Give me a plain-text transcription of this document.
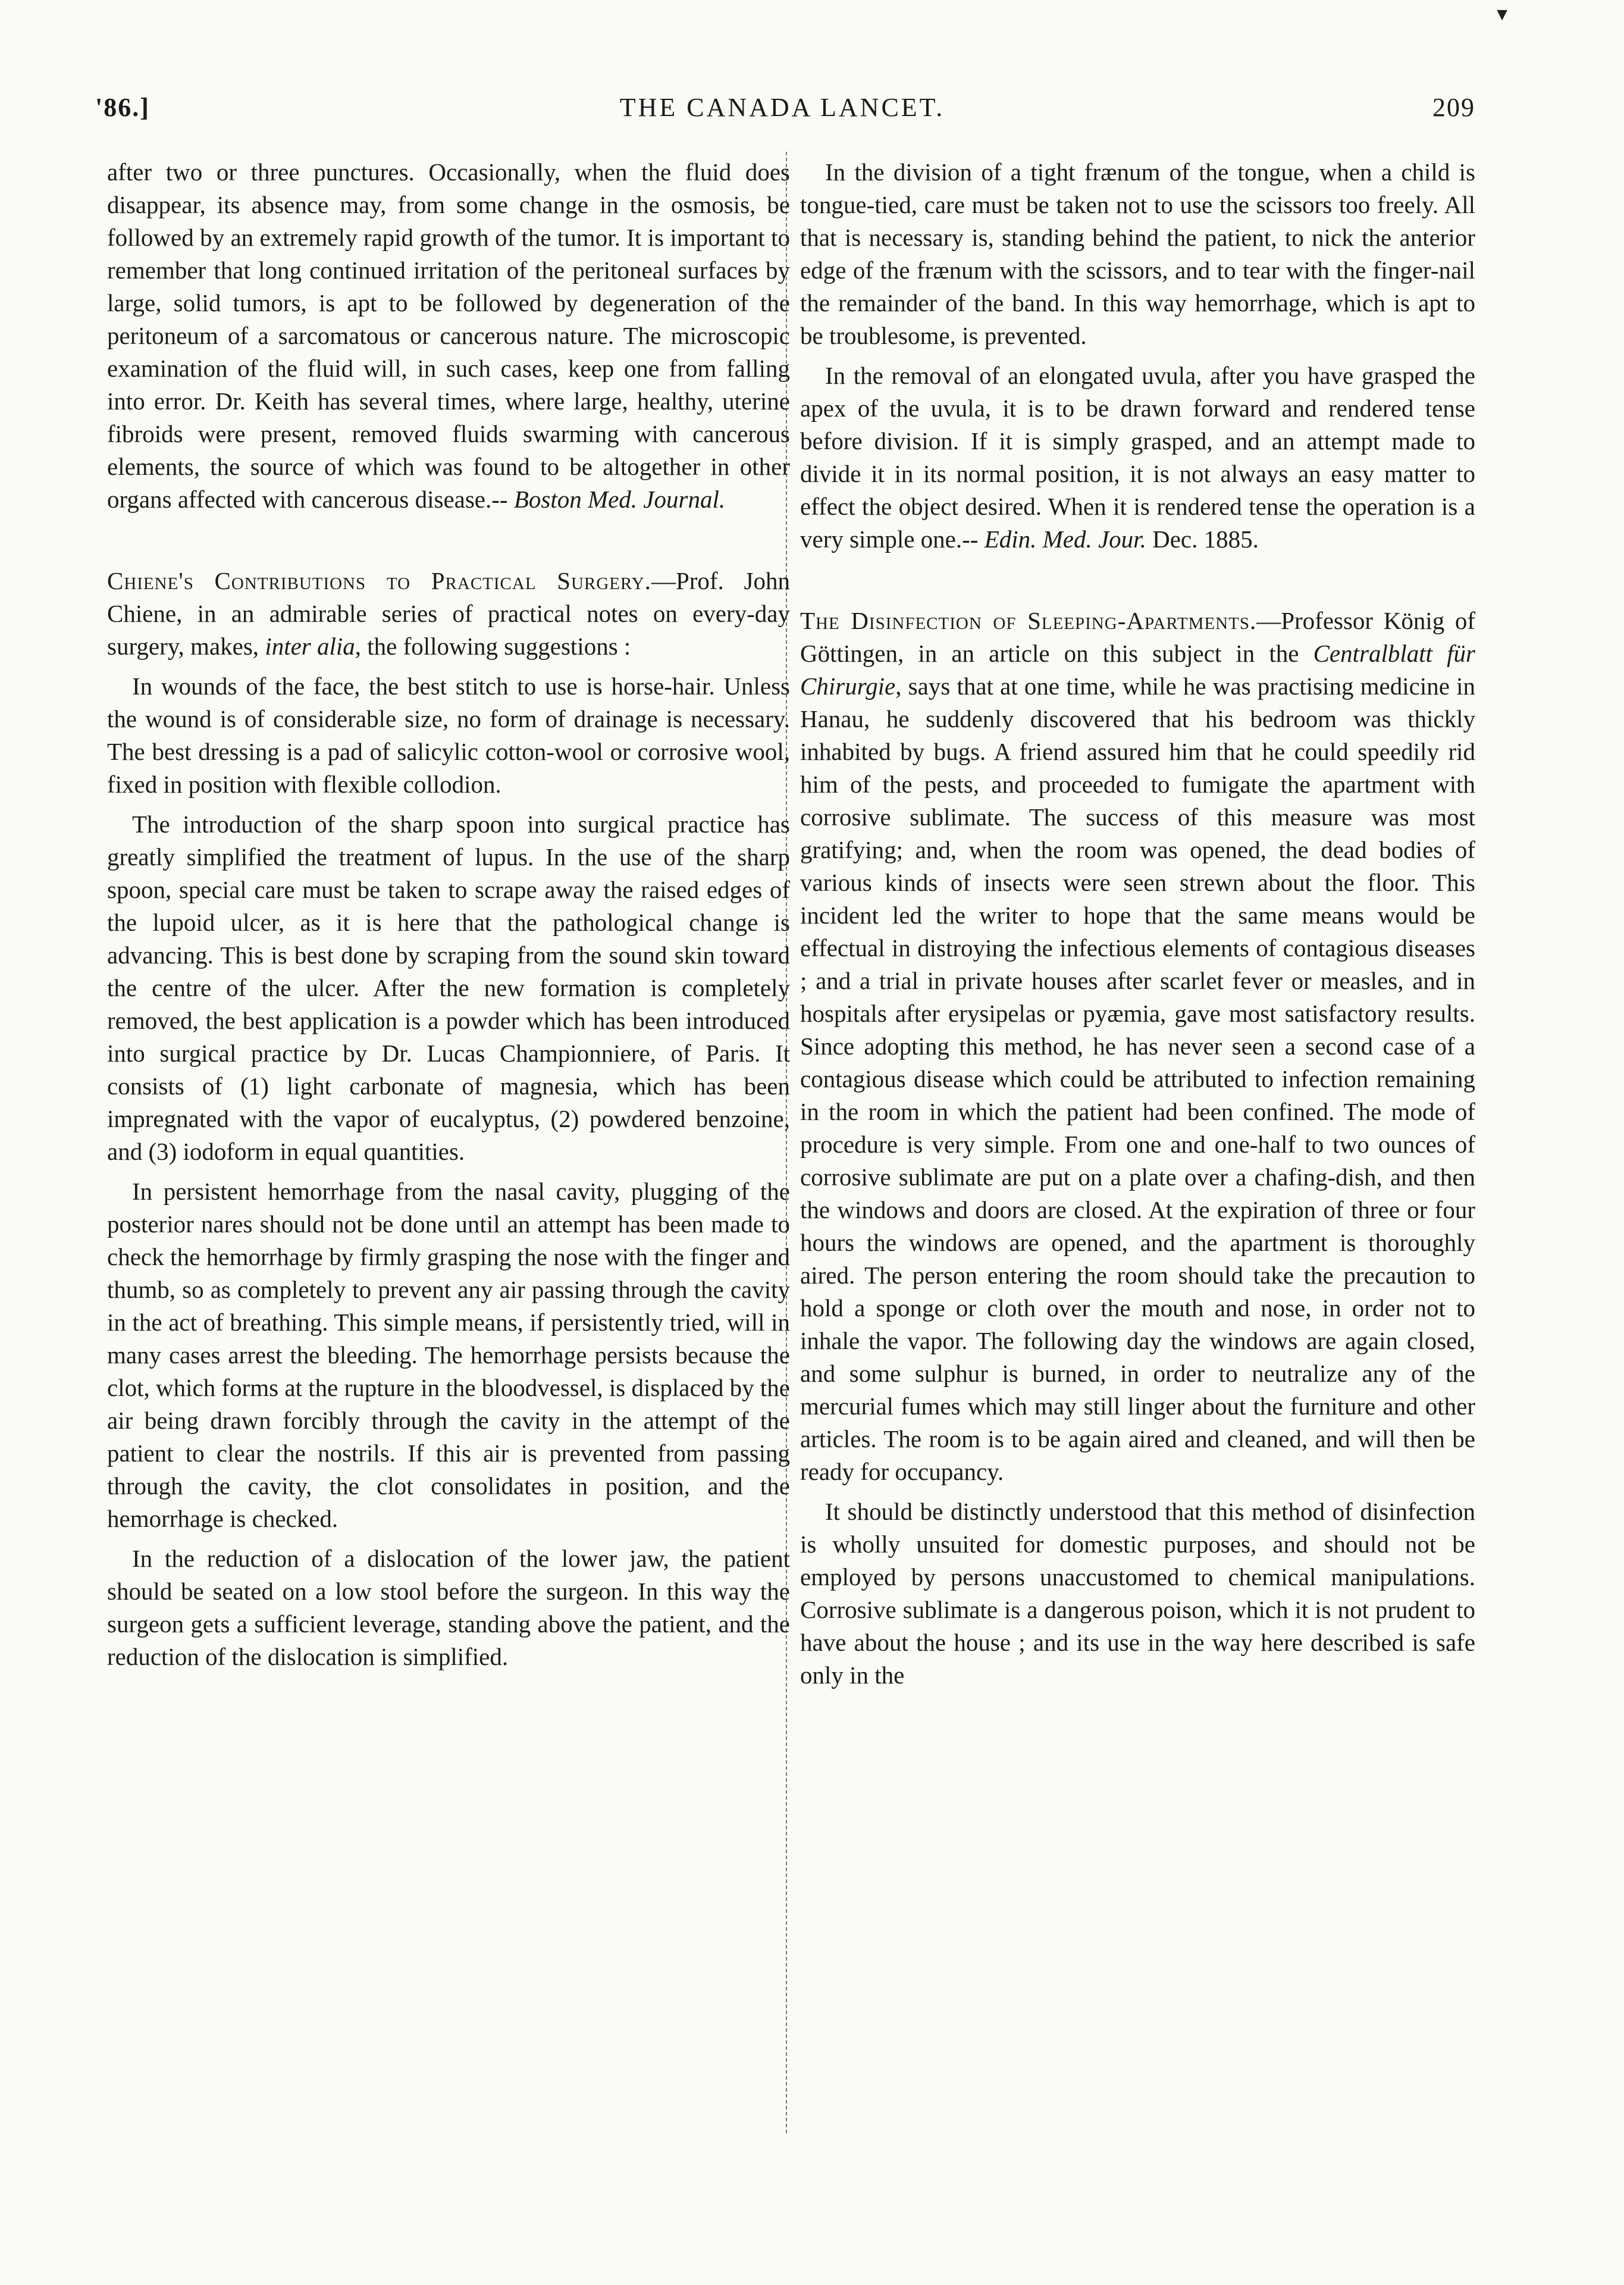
▼
'86.]	THE CANADA LANCET.	209

after two or three punctures. Occasionally, when the fluid does disappear, its absence may, from some change in the osmosis, be followed by an extremely rapid growth of the tumor. It is important to remember that long continued irritation of the peritoneal surfaces by large, solid tumors, is apt to be followed by degeneration of the peritoneum of a sarcomatous or cancerous nature. The microscopic examination of the fluid will, in such cases, keep one from falling into error. Dr. Keith has several times, where large, healthy, uterine fibroids were present, removed fluids swarming with cancerous elements, the source of which was found to be altogether in other organs affected with cancerous disease.-- Boston Med. Journal.

Chiene's Contributions to Practical Surgery.—Prof. John Chiene, in an admirable series of practical notes on every-day surgery, makes, inter alia, the following suggestions :

In wounds of the face, the best stitch to use is horse-hair. Unless the wound is of considerable size, no form of drainage is necessary. The best dressing is a pad of salicylic cotton-wool or corrosive wool, fixed in position with flexible collodion.

The introduction of the sharp spoon into surgical practice has greatly simplified the treatment of lupus. In the use of the sharp spoon, special care must be taken to scrape away the raised edges of the lupoid ulcer, as it is here that the pathological change is advancing. This is best done by scraping from the sound skin toward the centre of the ulcer. After the new formation is completely removed, the best application is a powder which has been introduced into surgical practice by Dr. Lucas Championniere, of Paris. It consists of (1) light carbonate of magnesia, which has been impregnated with the vapor of eucalyptus, (2) powdered benzoine, and (3) iodoform in equal quantities.

In persistent hemorrhage from the nasal cavity, plugging of the posterior nares should not be done until an attempt has been made to check the hemorrhage by firmly grasping the nose with the finger and thumb, so as completely to prevent any air passing through the cavity in the act of breathing. This simple means, if persistently tried, will in many cases arrest the bleeding. The hemorrhage persists because the clot, which forms at the rupture in the bloodvessel, is displaced by the air being drawn forcibly through the cavity in the attempt of the patient to clear the nostrils. If this air is prevented from passing through the cavity, the clot consolidates in position, and the hemorrhage is checked.

In the reduction of a dislocation of the lower jaw, the patient should be seated on a low stool before the surgeon. In this way the surgeon gets a sufficient leverage, standing above the patient, and the reduction of the dislocation is simplified.

In the division of a tight frænum of the tongue, when a child is tongue-tied, care must be taken not to use the scissors too freely. All that is necessary is, standing behind the patient, to nick the anterior edge of the frænum with the scissors, and to tear with the finger-nail the remainder of the band. In this way hemorrhage, which is apt to be troublesome, is prevented.

In the removal of an elongated uvula, after you have grasped the apex of the uvula, it is to be drawn forward and rendered tense before division. If it is simply grasped, and an attempt made to divide it in its normal position, it is not always an easy matter to effect the object desired. When it is rendered tense the operation is a very simple one.-- Edin. Med. Jour. Dec. 1885.

The Disinfection of Sleeping-Apartments.—Professor König of Göttingen, in an article on this subject in the Centralblatt für Chirurgie, says that at one time, while he was practising medicine in Hanau, he suddenly discovered that his bedroom was thickly inhabited by bugs. A friend assured him that he could speedily rid him of the pests, and proceeded to fumigate the apartment with corrosive sublimate. The success of this measure was most gratifying; and, when the room was opened, the dead bodies of various kinds of insects were seen strewn about the floor. This incident led the writer to hope that the same means would be effectual in distroying the infectious elements of contagious diseases ; and a trial in private houses after scarlet fever or measles, and in hospitals after erysipelas or pyæmia, gave most satisfactory results. Since adopting this method, he has never seen a second case of a contagious disease which could be attributed to infection remaining in the room in which the patient had been confined. The mode of procedure is very simple. From one and one-half to two ounces of corrosive sublimate are put on a plate over a chafing-dish, and then the windows and doors are closed. At the expiration of three or four hours the windows are opened, and the apartment is thoroughly aired. The person entering the room should take the precaution to hold a sponge or cloth over the mouth and nose, in order not to inhale the vapor. The following day the windows are again closed, and some sulphur is burned, in order to neutralize any of the mercurial fumes which may still linger about the furniture and other articles. The room is to be again aired and cleaned, and will then be ready for occupancy.

It should be distinctly understood that this method of disinfection is wholly unsuited for domestic purposes, and should not be employed by persons unaccustomed to chemical manipulations. Corrosive sublimate is a dangerous poison, which it is not prudent to have about the house ; and its use in the way here described is safe only in the
